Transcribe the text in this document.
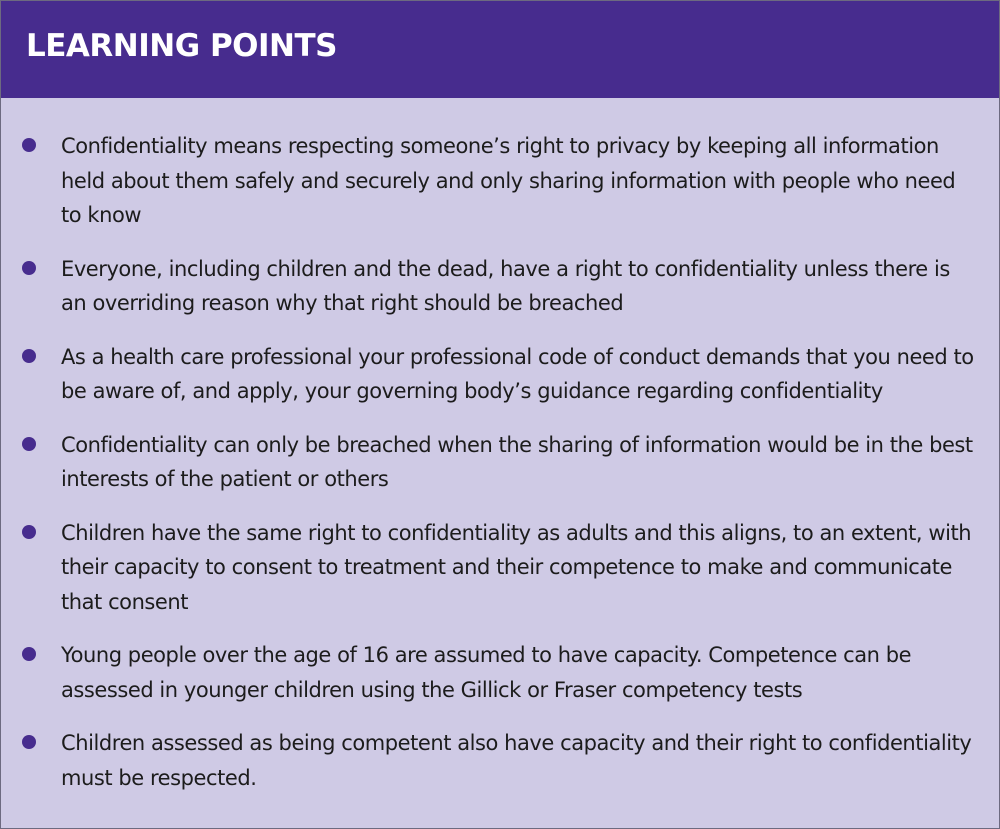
LEARNING POINTS
Confidentiality means respecting someone’s right to privacy by keeping all information held about them safely and securely and only sharing information with people who need to know
Everyone, including children and the dead, have a right to confidentiality unless there is an overriding reason why that right should be breached
As a health care professional your professional code of conduct demands that you need to be aware of, and apply, your governing body’s guidance regarding confidentiality
Confidentiality can only be breached when the sharing of information would be in the best interests of the patient or others
Children have the same right to confidentiality as adults and this aligns, to an extent, with their capacity to consent to treatment and their competence to make and communicate that consent
Young people over the age of 16 are assumed to have capacity. Competence can be assessed in younger children using the Gillick or Fraser competency tests
Children assessed as being competent also have capacity and their right to confidentiality must be respected.
